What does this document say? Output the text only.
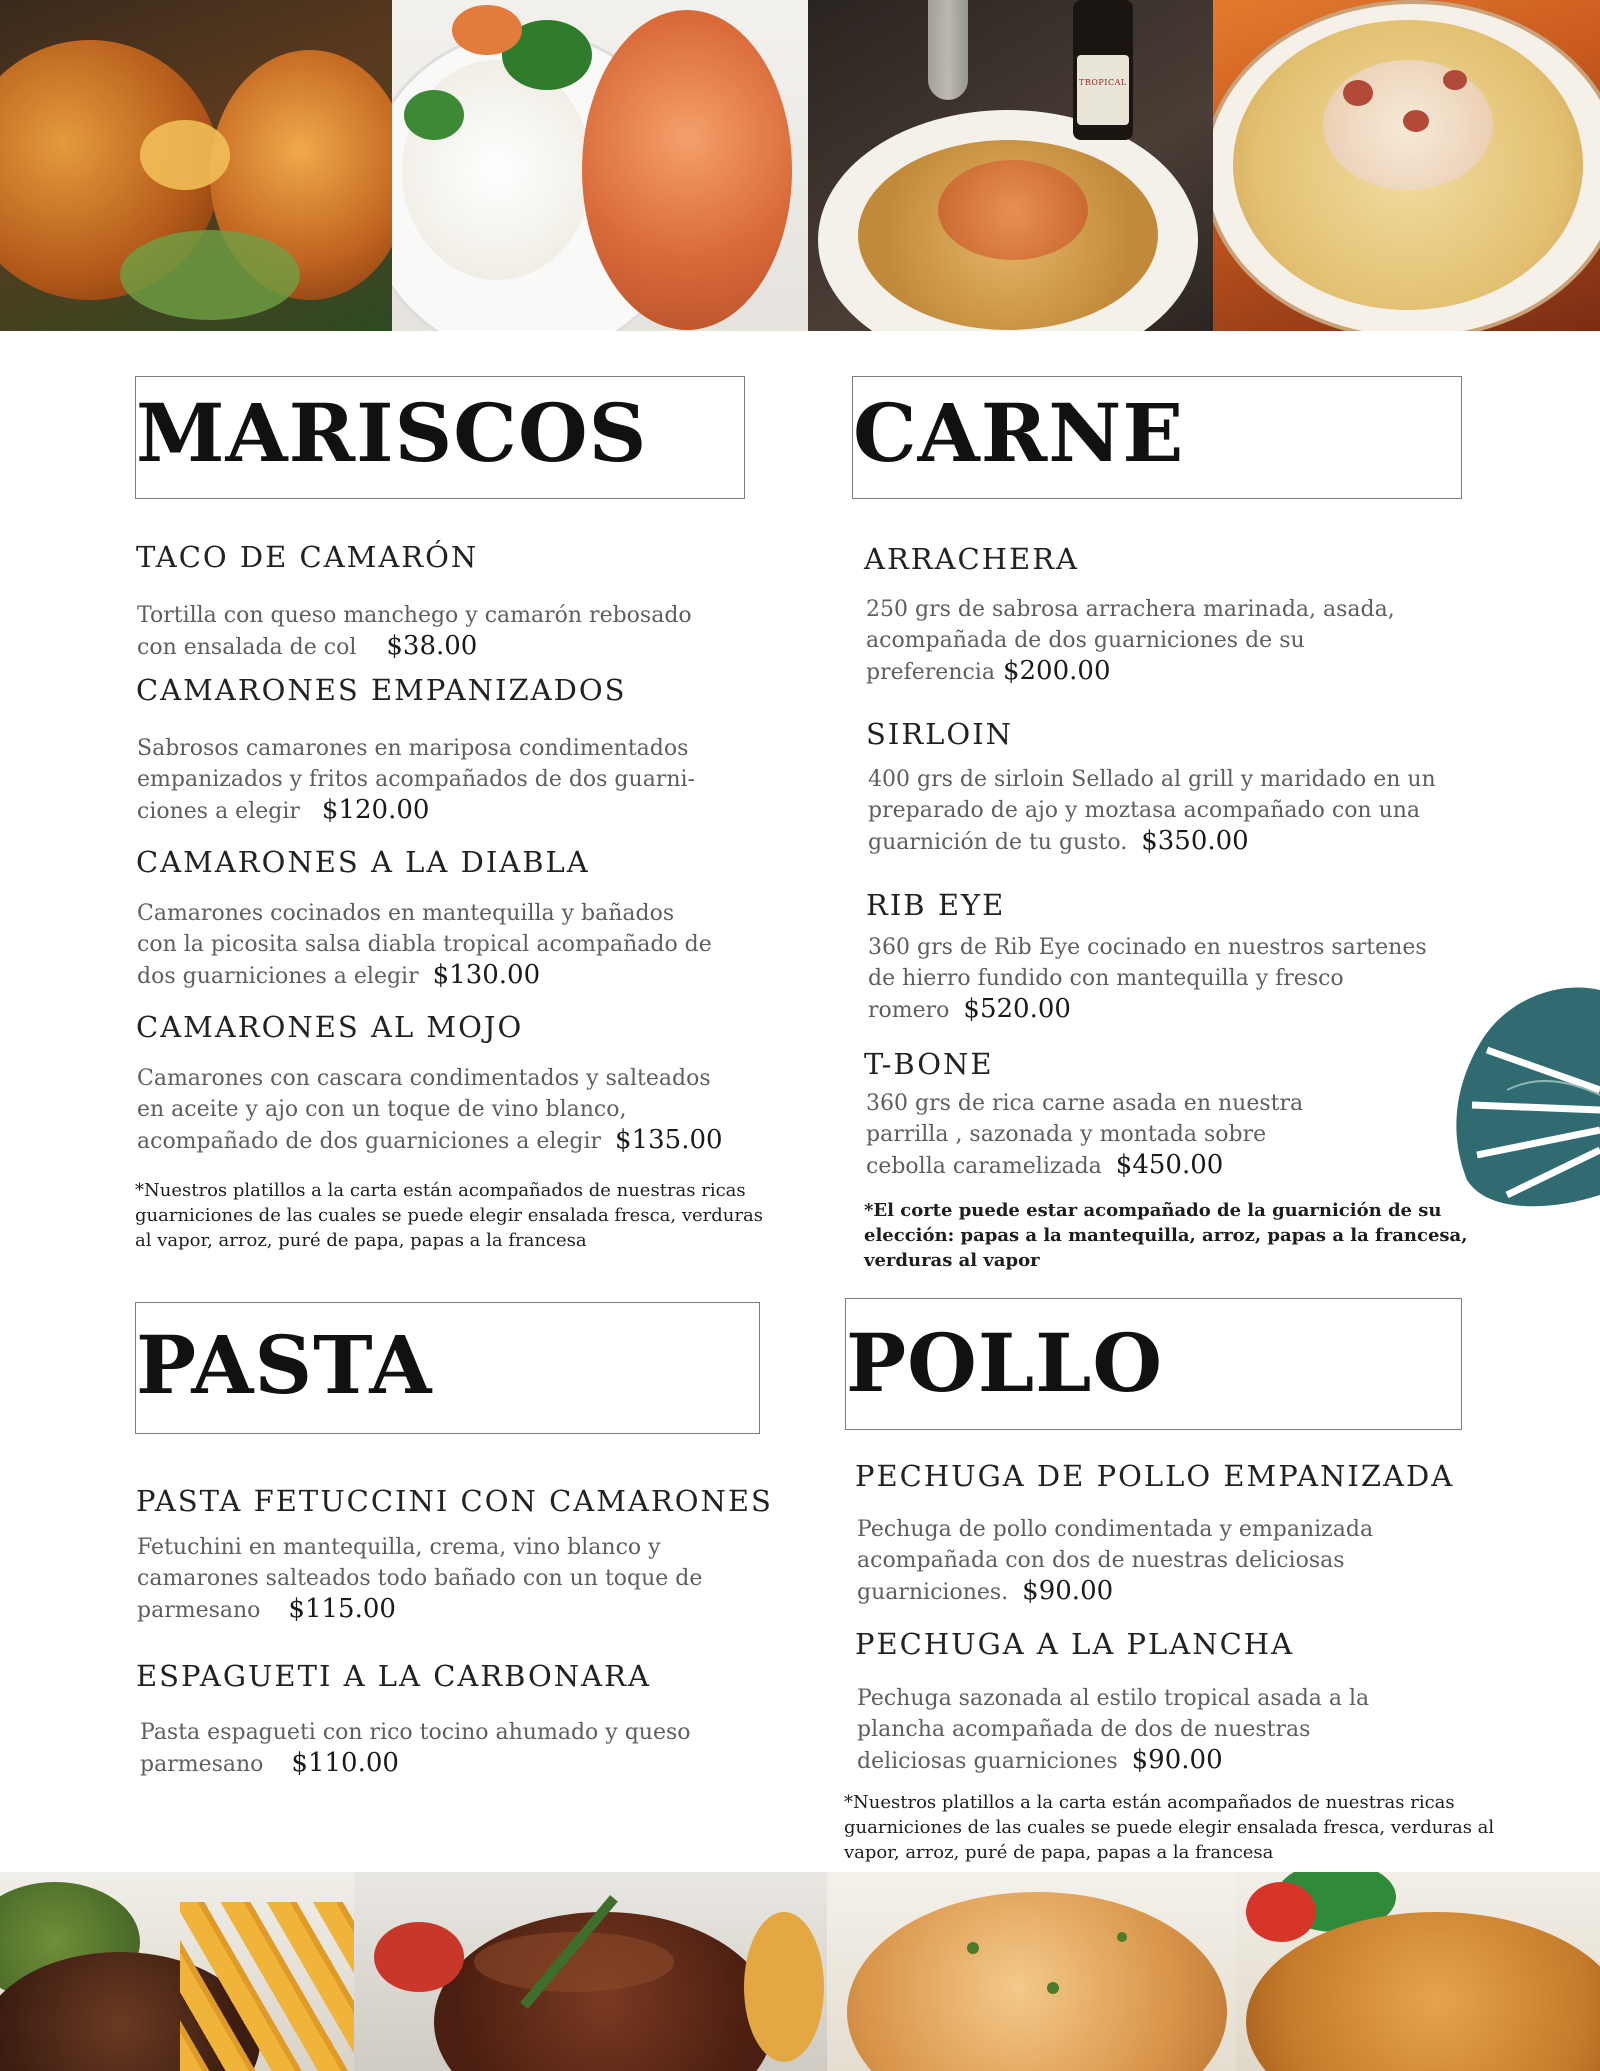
TROPICAL
MARISCOS
TACO DE CAMARÓN
Tortilla con queso manchego y camarón rebosado
con ensalada de col $38.00
CAMARONES EMPANIZADOS
Sabrosos camarones en mariposa condimentados
empanizados y fritos acompañados de dos guarni-
ciones a elegir $120.00
CAMARONES A LA DIABLA
Camarones cocinados en mantequilla y bañados
con la picosita salsa diabla tropical acompañado de
dos guarniciones a elegir $130.00
CAMARONES AL MOJO
Camarones con cascara condimentados y salteados
en aceite y ajo con un toque de vino blanco,
acompañado de dos guarniciones a elegir $135.00
*Nuestros platillos a la carta están acompañados de nuestras ricas
guarniciones de las cuales se puede elegir ensalada fresca, verduras
al vapor, arroz, puré de papa, papas a la francesa
CARNE
ARRACHERA
250 grs de sabrosa arrachera marinada, asada,
acompañada de dos guarniciones de su
preferencia $200.00
SIRLOIN
400 grs de sirloin Sellado al grill y maridado en un
preparado de ajo y moztasa acompañado con una
guarnición de tu gusto. $350.00
RIB EYE
360 grs de Rib Eye cocinado en nuestros sartenes
de hierro fundido con mantequilla y fresco
romero $520.00
T-BONE
360 grs de rica carne asada en nuestra
parrilla , sazonada y montada sobre
cebolla caramelizada $450.00
*El corte puede estar acompañado de la guarnición de su
elección: papas a la mantequilla, arroz, papas a la francesa,
verduras al vapor
PASTA
PASTA FETUCCINI CON CAMARONES
Fetuchini en mantequilla, crema, vino blanco y
camarones salteados todo bañado con un toque de
parmesano $115.00
ESPAGUETI A LA CARBONARA
Pasta espagueti con rico tocino ahumado y queso
parmesano $110.00
POLLO
PECHUGA DE POLLO EMPANIZADA
Pechuga de pollo condimentada y empanizada
acompañada con dos de nuestras deliciosas
guarniciones. $90.00
PECHUGA A LA PLANCHA
Pechuga sazonada al estilo tropical asada a la
plancha acompañada de dos de nuestras
deliciosas guarniciones $90.00
*Nuestros platillos a la carta están acompañados de nuestras ricas
guarniciones de las cuales se puede elegir ensalada fresca, verduras al
vapor, arroz, puré de papa, papas a la francesa
